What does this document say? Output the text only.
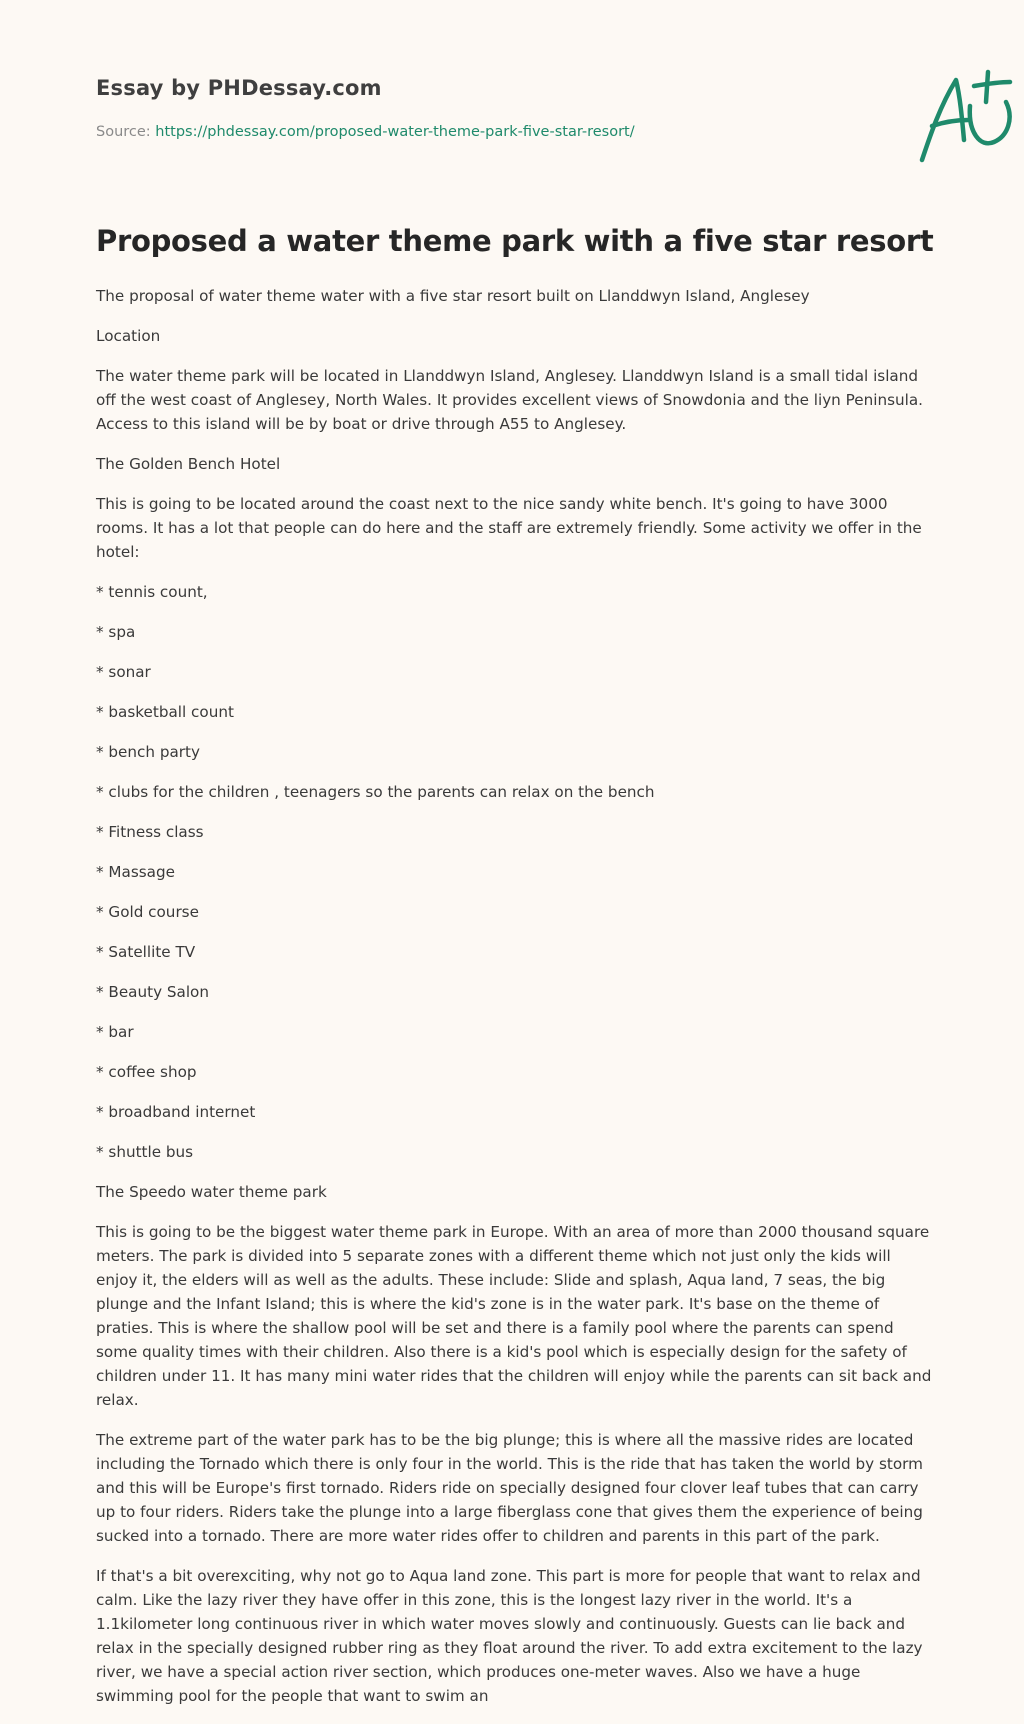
Essay by PHDessay.com
Source: https://phdessay.com/proposed-water-theme-park-five-star-resort/
Proposed a water theme park with a five star resort

The proposal of water theme water with a five star resort built on Llanddwyn Island, Anglesey

Location

The water theme park will be located in Llanddwyn Island, Anglesey. Llanddwyn Island is a small tidal island off the west coast of Anglesey, North Wales. It provides excellent views of Snowdonia and the liyn Peninsula. Access to this island will be by boat or drive through A55 to Anglesey.

The Golden Bench Hotel

This is going to be located around the coast next to the nice sandy white bench. It's going to have 3000 rooms. It has a lot that people can do here and the staff are extremely friendly. Some activity we offer in the hotel:

* tennis count,

* spa

* sonar

* basketball count

* bench party

* clubs for the children , teenagers so the parents can relax on the bench

* Fitness class

* Massage

* Gold course

* Satellite TV

* Beauty Salon

* bar

* coffee shop

* broadband internet

* shuttle bus

The Speedo water theme park

This is going to be the biggest water theme park in Europe. With an area of more than 2000 thousand square meters. The park is divided into 5 separate zones with a different theme which not just only the kids will enjoy it, the elders will as well as the adults. These include: Slide and splash, Aqua land, 7 seas, the big plunge and the Infant Island; this is where the kid's zone is in the water park. It's base on the theme of praties. This is where the shallow pool will be set and there is a family pool where the parents can spend some quality times with their children. Also there is a kid's pool which is especially design for the safety of children under 11. It has many mini water rides that the children will enjoy while the parents can sit back and relax.

The extreme part of the water park has to be the big plunge; this is where all the massive rides are located including the Tornado which there is only four in the world. This is the ride that has taken the world by storm and this will be Europe's first tornado. Riders ride on specially designed four clover leaf tubes that can carry up to four riders. Riders take the plunge into a large fiberglass cone that gives them the experience of being sucked into a tornado. There are more water rides offer to children and parents in this part of the park.

If that's a bit overexciting, why not go to Aqua land zone. This part is more for people that want to relax and calm. Like the lazy river they have offer in this zone, this is the longest lazy river in the world. It's a 1.1kilometer long continuous river in which water moves slowly and continuously. Guests can lie back and relax in the specially designed rubber ring as they float around the river. To add extra excitement to the lazy river, we have a special action river section, which produces one-meter waves. Also we have a huge swimming pool for the people that want to swim an
